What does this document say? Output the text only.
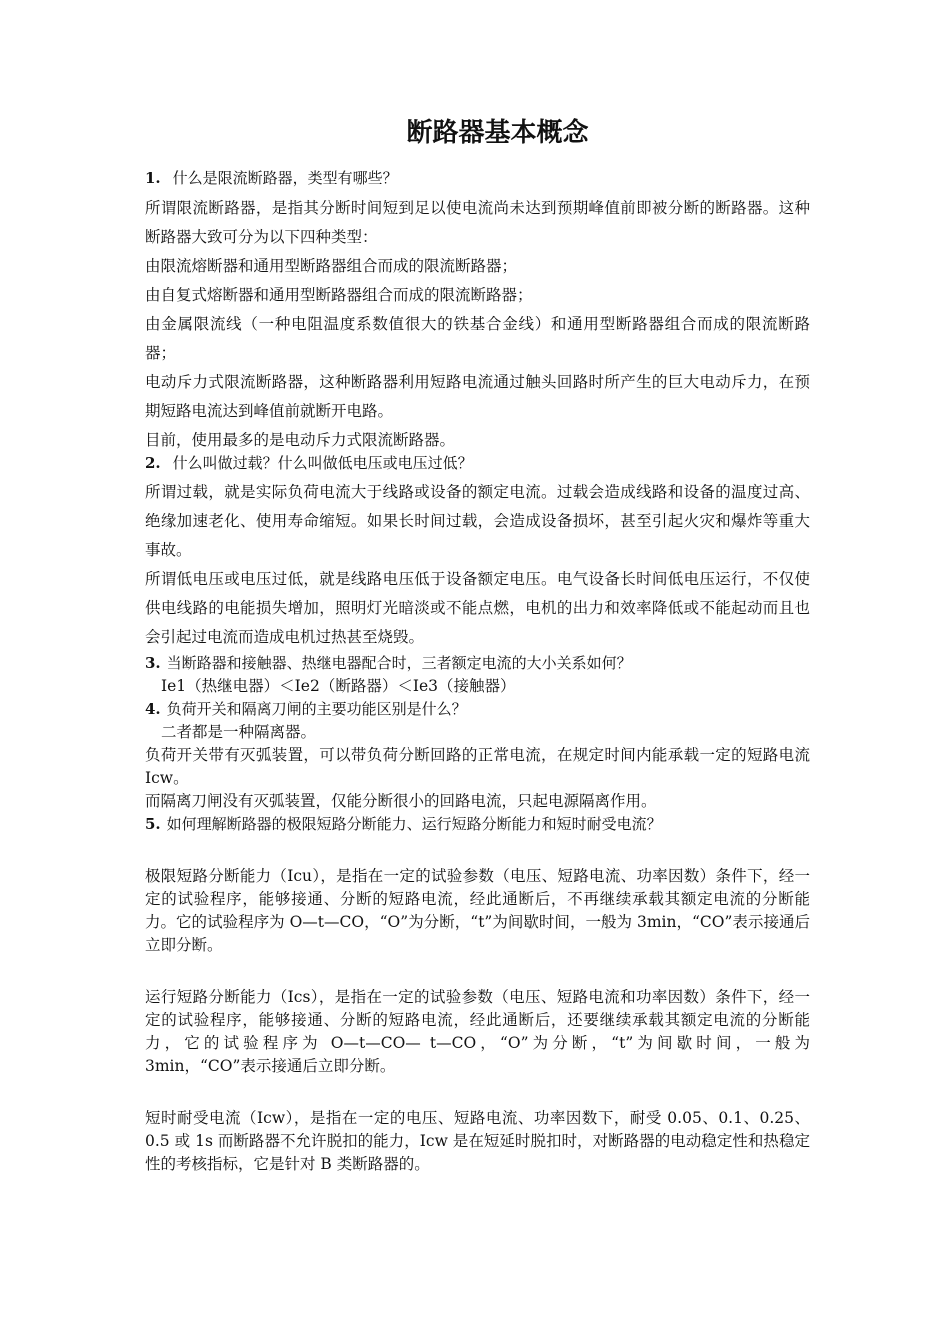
断路器基本概念

1. 什么是限流断路器，类型有哪些？

所谓限流断路器，是指其分断时间短到足以使电流尚未达到预期峰值前即被分断的断路器。这种断路器大致可分为以下四种类型：

由限流熔断器和通用型断路器组合而成的限流断路器；

由自复式熔断器和通用型断路器组合而成的限流断路器；

由金属限流线（一种电阻温度系数值很大的铁基合金线）和通用型断路器组合而成的限流断路器；

电动斥力式限流断路器，这种断路器利用短路电流通过触头回路时所产生的巨大电动斥力，在预期短路电流达到峰值前就断开电路。

目前，使用最多的是电动斥力式限流断路器。

2. 什么叫做过载？什么叫做低电压或电压过低？

所谓过载，就是实际负荷电流大于线路或设备的额定电流。过载会造成线路和设备的温度过高、绝缘加速老化、使用寿命缩短。如果长时间过载，会造成设备损坏，甚至引起火灾和爆炸等重大事故。

所谓低电压或电压过低，就是线路电压低于设备额定电压。电气设备长时间低电压运行，不仅使供电线路的电能损失增加，照明灯光暗淡或不能点燃，电机的出力和效率降低或不能起动而且也会引起过电流而造成电机过热甚至烧毁。

3. 当断路器和接触器、热继电器配合时，三者额定电流的大小关系如何？

Ie1（热继电器）＜Ie2（断路器）＜Ie3（接触器）

4. 负荷开关和隔离刀闸的主要功能区别是什么？

二者都是一种隔离器。

负荷开关带有灭弧装置，可以带负荷分断回路的正常电流，在规定时间内能承载一定的短路电流 Icw。

而隔离刀闸没有灭弧装置，仅能分断很小的回路电流，只起电源隔离作用。

5. 如何理解断路器的极限短路分断能力、运行短路分断能力和短时耐受电流？

极限短路分断能力（Icu），是指在一定的试验参数（电压、短路电流、功率因数）条件下，经一定的试验程序，能够接通、分断的短路电流，经此通断后，不再继续承载其额定电流的分断能力。它的试验程序为 O—t—CO，“O”为分断，“t”为间歇时间，一般为 3min，“CO”表示接通后立即分断。

运行短路分断能力（Ics），是指在一定的试验参数（电压、短路电流和功率因数）条件下，经一定的试验程序，能够接通、分断的短路电流，经此通断后，还要继续承载其额定电流的分断能力，它的试验程序为 O—t—CO— t—CO，“O”为分断，“t”为间歇时间，一般为 3min，“CO”表示接通后立即分断。

短时耐受电流（Icw），是指在一定的电压、短路电流、功率因数下，耐受 0.05、0.1、0.25、0.5 或 1s 而断路器不允许脱扣的能力，Icw 是在短延时脱扣时，对断路器的电动稳定性和热稳定性的考核指标，它是针对 B 类断路器的。
